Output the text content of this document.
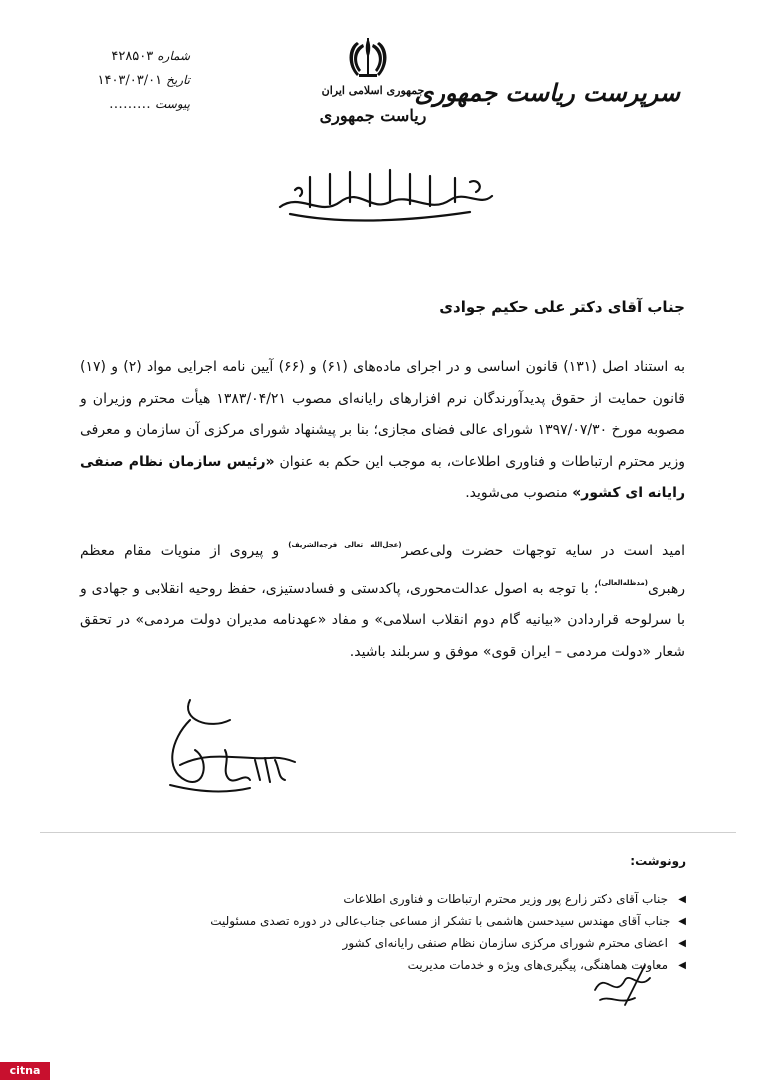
جمهوری اسلامی ایران
ریاست جمهوری
سرپرست ریاست جمهوری
شماره
۴۲۸۵۰۳
تاریخ
۱۴۰۳/۰۳/۰۱
پیوست
.........
جناب آقای دکتر علی حکیم جوادی
به استناد اصل (۱۳۱) قانون اساسی و در اجرای ماده‌های (۶۱) و (۶۶) آیین نامه اجرایی مواد (۲) و (۱۷) قانون حمایت از حقوق پدیدآورندگان نرم افزارهای رایانه‌ای مصوب ۱۳۸۳/۰۴/۲۱ هیأت محترم وزیران و مصوبه مورخ ۱۳۹۷/۰۷/۳۰ شورای عالی فضای مجازی؛ بنا بر پیشنهاد شورای مرکزی آن سازمان و معرفی وزیر محترم ارتباطات و فناوری اطلاعات، به موجب این حکم به عنوان «رئیس سازمان نظام صنفی رایانه ای کشور» منصوب می‌شوید.
امید است در سایه توجهات حضرت ولی‌عصر$^{(عجل‌الله تعالی فرجه‌الشریف)}$ و پیروی از منویات مقام معظم رهبری$^{(مدظله‌العالی)}$؛ با توجه به اصول عدالت‌محوری، پاکدستی و فسادستیزی، حفظ روحیه انقلابی و جهادی و با سرلوحه قراردادن «بیانیه گام دوم انقلاب اسلامی» و مفاد «عهدنامه مدیران دولت مردمی» در تحقق شعار «دولت مردمی – ایران قوی» موفق و سربلند باشید.
رونوشت:
◀
جناب آقای دکتر زارع پور وزیر محترم ارتباطات و فناوری اطلاعات
◀
جناب آقای مهندس سیدحسن هاشمی با تشکر از مساعی جناب‌عالی در دوره تصدی مسئولیت
◀
اعضای محترم شورای مرکزی سازمان نظام صنفی رایانه‌ای کشور
◀
معاونت هماهنگی، پیگیری‌های ویژه و خدمات مدیریت
citna
